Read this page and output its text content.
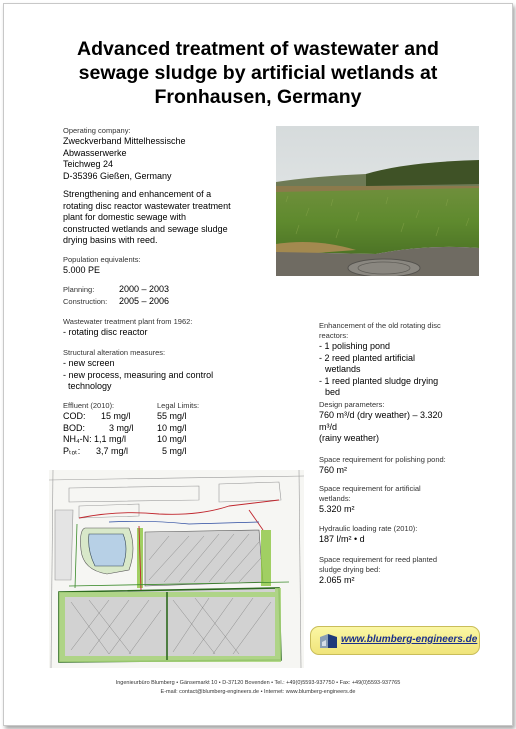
Advanced treatment of wastewater and
sewage sludge by artificial wetlands at
Fronhausen, Germany
Operating company:
Zweckverband Mittelhessische
Abwasserwerke
Teichweg 24
D-35396 Gießen, Germany
Strengthening and enhancement of a
rotating disc reactor wastewater treatment
plant for domestic sewage with
constructed wetlands and sewage sludge
drying basins with reed.
Population equivalents:
5.000 PE
Planning:	2000 – 2003
Construction: 2005 – 2006
Wastewater treatment plant from 1962:
- rotating disc reactor
Structural alteration measures:
- new screen
- new process, measuring and control
technology
Effluent (2010):	Legal Limits:
COD: 15 mg/l	55 mg/l
BOD:	3 mg/l	10 mg/l
NH₄-N: 1,1 mg/l	10 mg/l
Pₜₒₜ: 3,7 mg/l	5 mg/l
Enhancement of the old rotating disc
reactors:
- 1 polishing pond
- 2 reed planted artificial
wetlands
- 1 reed planted sludge drying
bed
Design parameters:
760 m³/d (dry weather) – 3.320
m³/d
(rainy weather)
Space requirement for polishing pond:
760 m²
Space requirement for artificial
wetlands:
5.320 m²
Hydraulic loading rate (2010):
187 l/m² • d
Space requirement for reed planted
sludge drying bed:
2.065 m²
www.blumberg-engineers.de
Ingenieurbüro Blumberg • Gänsemarkt 10 • D-37120 Bovenden • Tel.: +49(0)5593-937750 • Fax: +49(0)5593-937765
E-mail: contact@blumberg-engineers.de • Internet: www.blumberg-engineers.de
